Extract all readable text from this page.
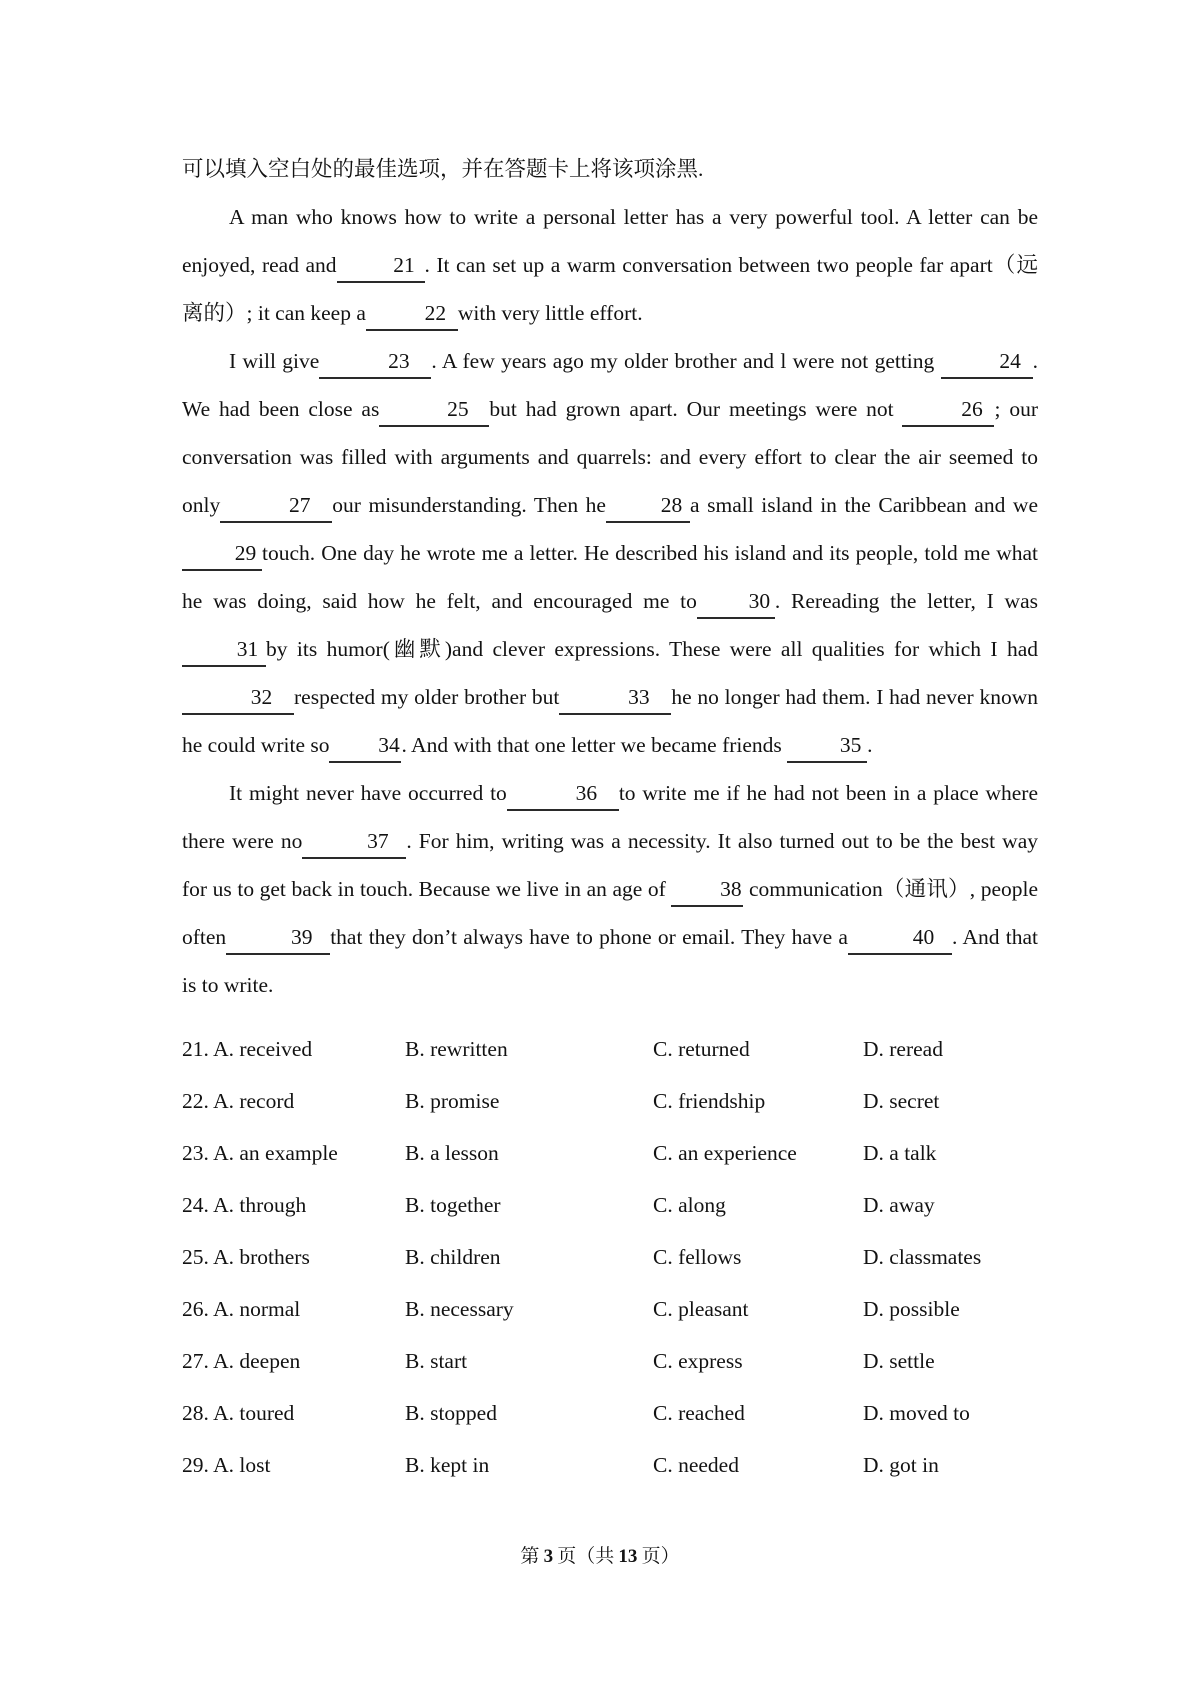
可以填入空白处的最佳选项，并在答题卡上将该项涂黑.

A man who knows how to write a personal letter has a very powerful tool. A letter can be enjoyed, read and	21 . It can set up a warm conversation between two people far apart（远离的）; it can keep a	22 with very little effort.

I will give	23 . A few years ago my older brother and l were not getting	24 . We had been close as	25 but had grown apart. Our meetings were not	26 ; our conversation was filled with arguments and quarrels: and every effort to clear the air seemed to only	27 our misunderstanding. Then he	28 a small island in the Caribbean and we29 touch. One day he wrote me a letter. He described his island and its people, told me what he was doing, said how he felt, and encouraged me to 30 . Rereading the letter, I was31 by its humor(幽默)and clever expressions. These were all qualities for which I had32 respected my older brother but	33 he no longer had them. I had never known he could write so 34. And with that one letter we became friends 35 .

It might never have occurred to	36 to write me if he had not been in a place where there were no	37 . For him, writing was a necessity. It also turned out to be the best way for us to get back in touch. Because we live in an age of 38 communication（通讯）, people often	39 that they don’t always have to phone or email. They have a	40 . And that is to write.

21. A. received	B. rewritten	C. returned	D. reread
22. A. record	B. promise	C. friendship	D. secret
23. A. an example	B. a lesson	C. an experience	D. a talk
24. A. through	B. together	C. along	D. away
25. A. brothers	B. children	C. fellows	D. classmates
26. A. normal	B. necessary	C. pleasant	D. possible
27. A. deepen	B. start	C. express	D. settle
28. A. toured	B. stopped	C. reached	D. moved to
29. A. lost	B. kept in	C. needed	D. got in
第 3 页（共 13 页）
